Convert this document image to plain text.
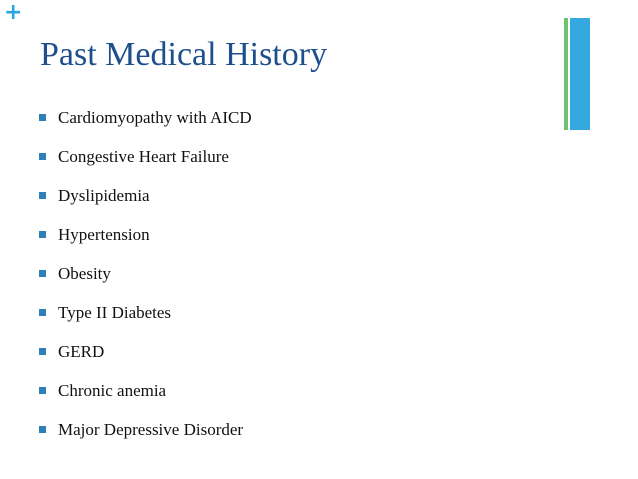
+
Past Medical History
Cardiomyopathy with AICD
Congestive Heart Failure
Dyslipidemia
Hypertension
Obesity
Type II Diabetes
GERD
Chronic anemia
Major Depressive Disorder
